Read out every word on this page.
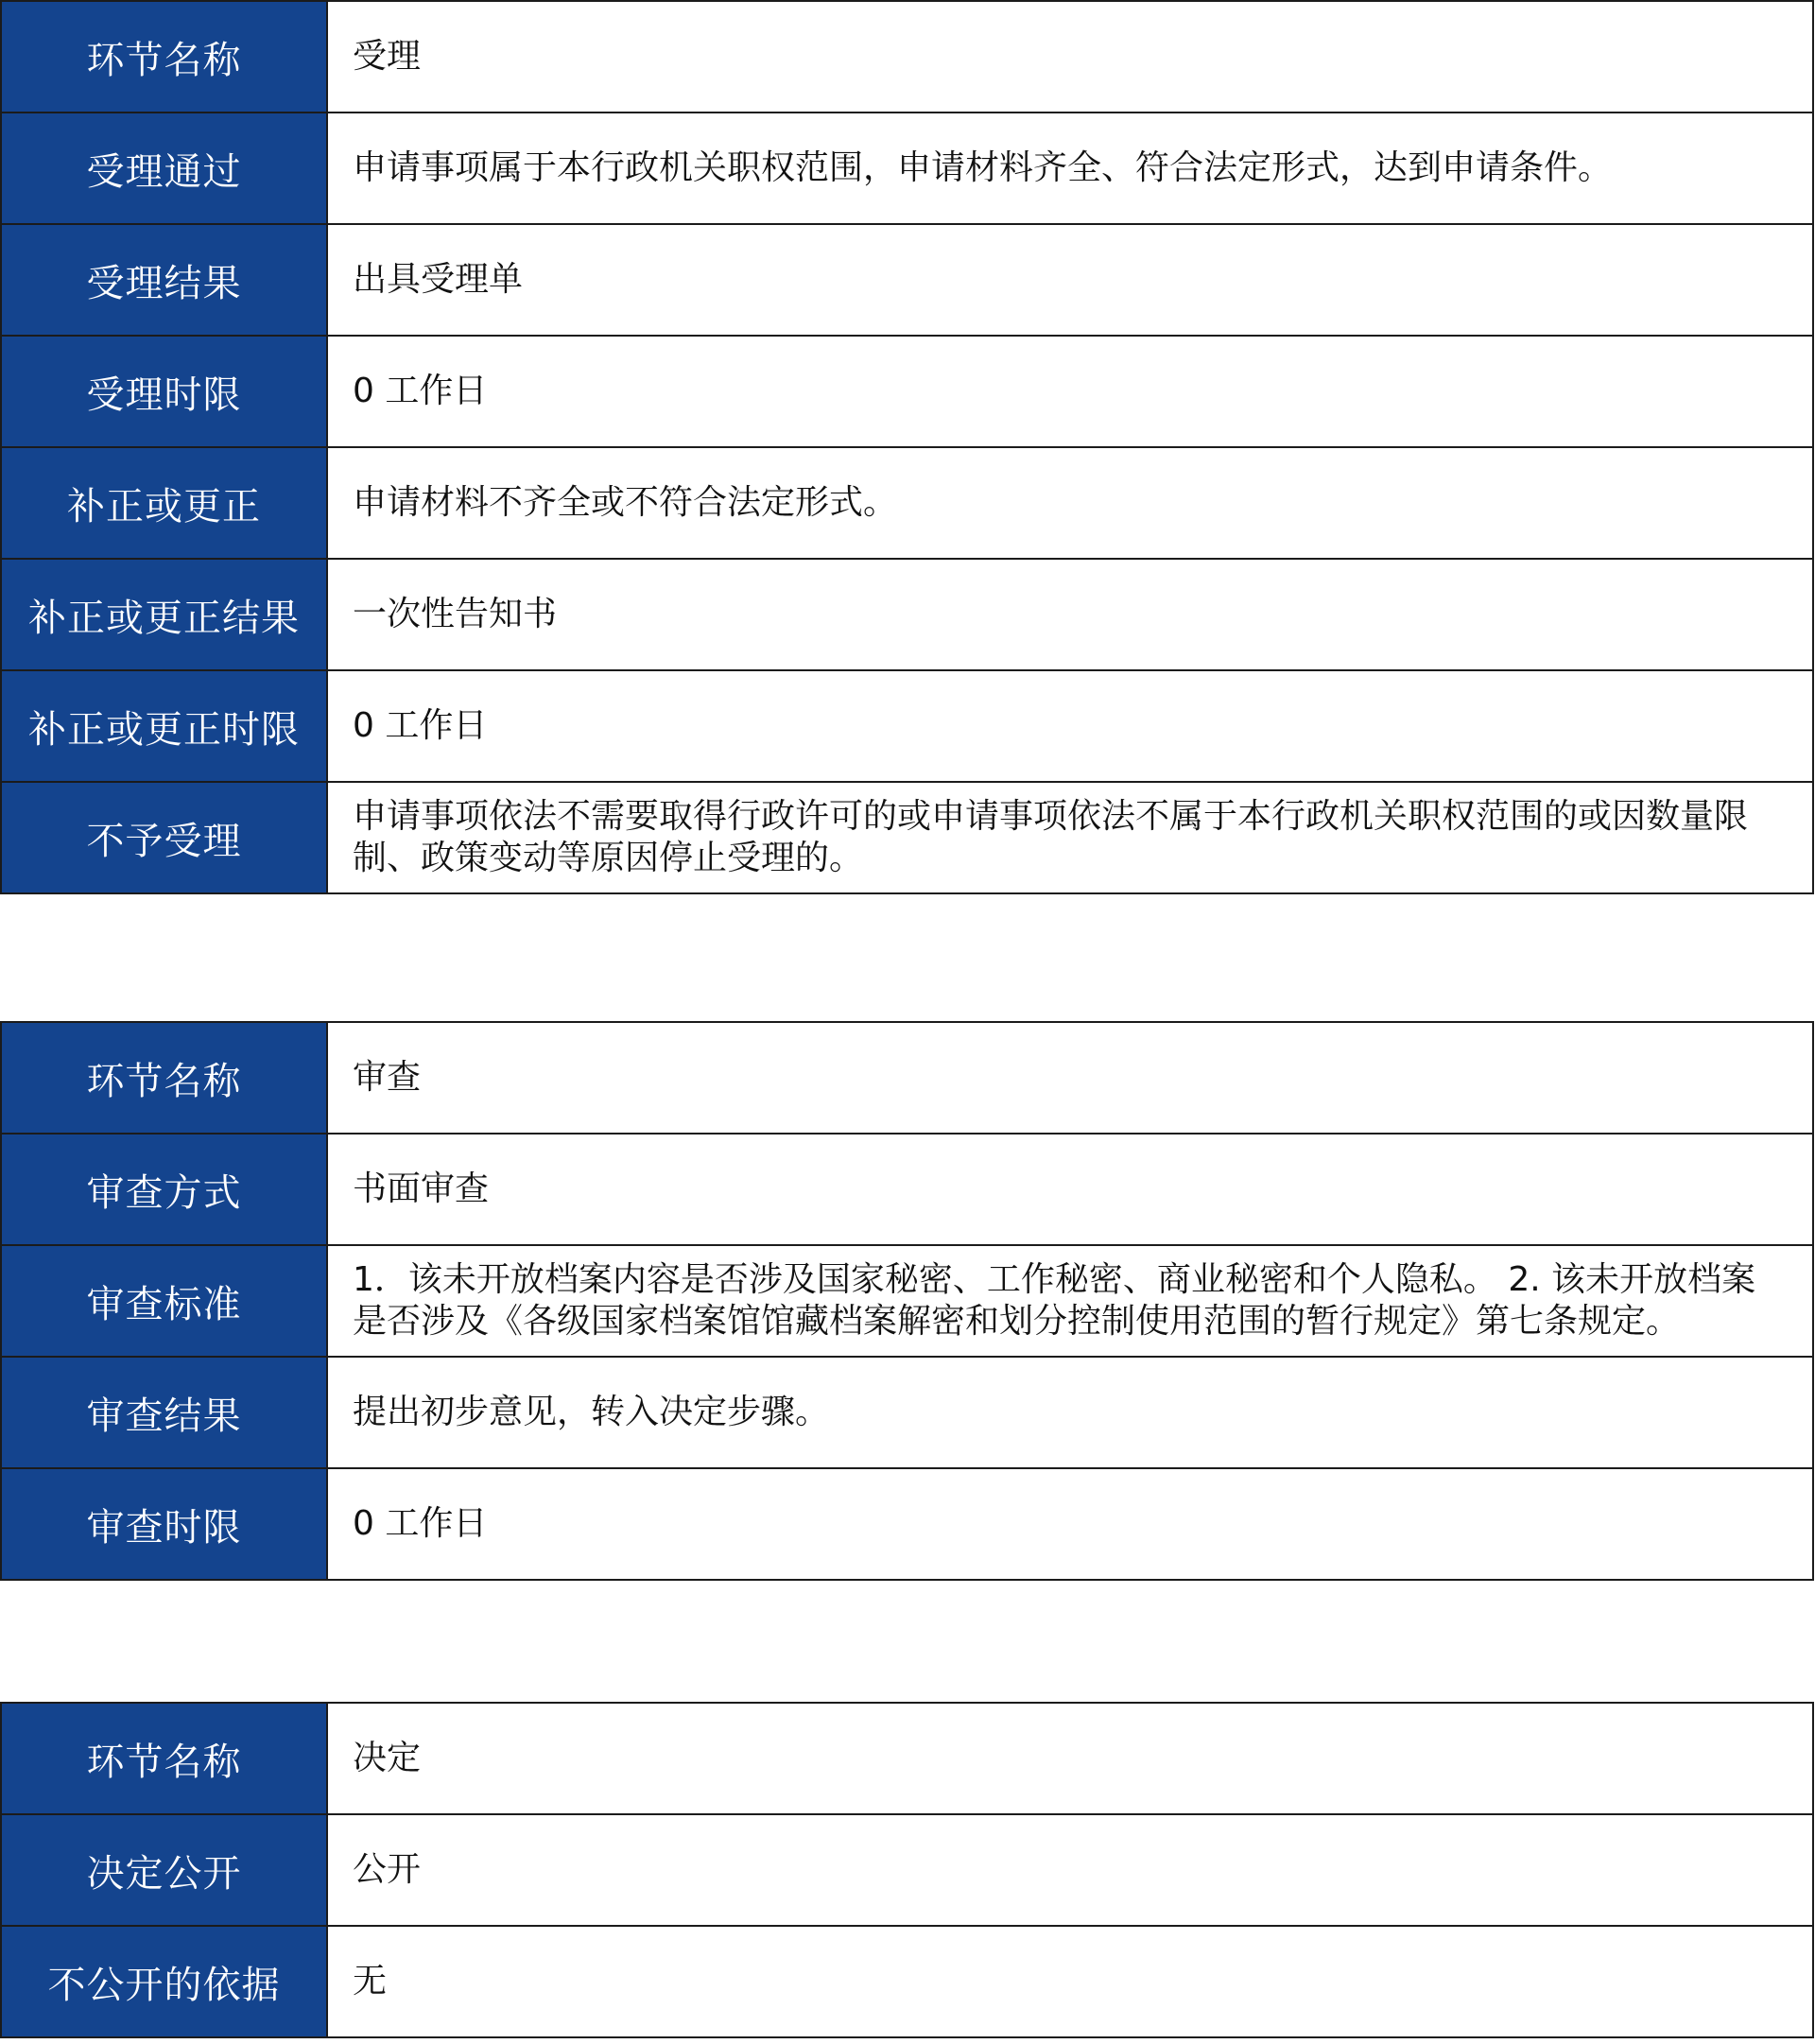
环节名称	受理
受理通过	申请事项属于本行政机关职权范围，申请材料齐全、符合法定形式，达到申请条件。
受理结果	出具受理单
受理时限	0 工作日
补正或更正	申请材料不齐全或不符合法定形式。
补正或更正结果	一次性告知书
补正或更正时限	0 工作日
不予受理	申请事项依法不需要取得行政许可的或申请事项依法不属于本行政机关职权范围的或因数量限制、政策变动等原因停止受理的。
环节名称	审查
审查方式	书面审查
审查标准	1．该未开放档案内容是否涉及国家秘密、工作秘密、商业秘密和个人隐私。 2. 该未开放档案是否涉及《各级国家档案馆馆藏档案解密和划分控制使用范围的暂行规定》第七条规定。
审查结果	提出初步意见，转入决定步骤。
审查时限	0 工作日
环节名称	决定
决定公开	公开
不公开的依据	无
